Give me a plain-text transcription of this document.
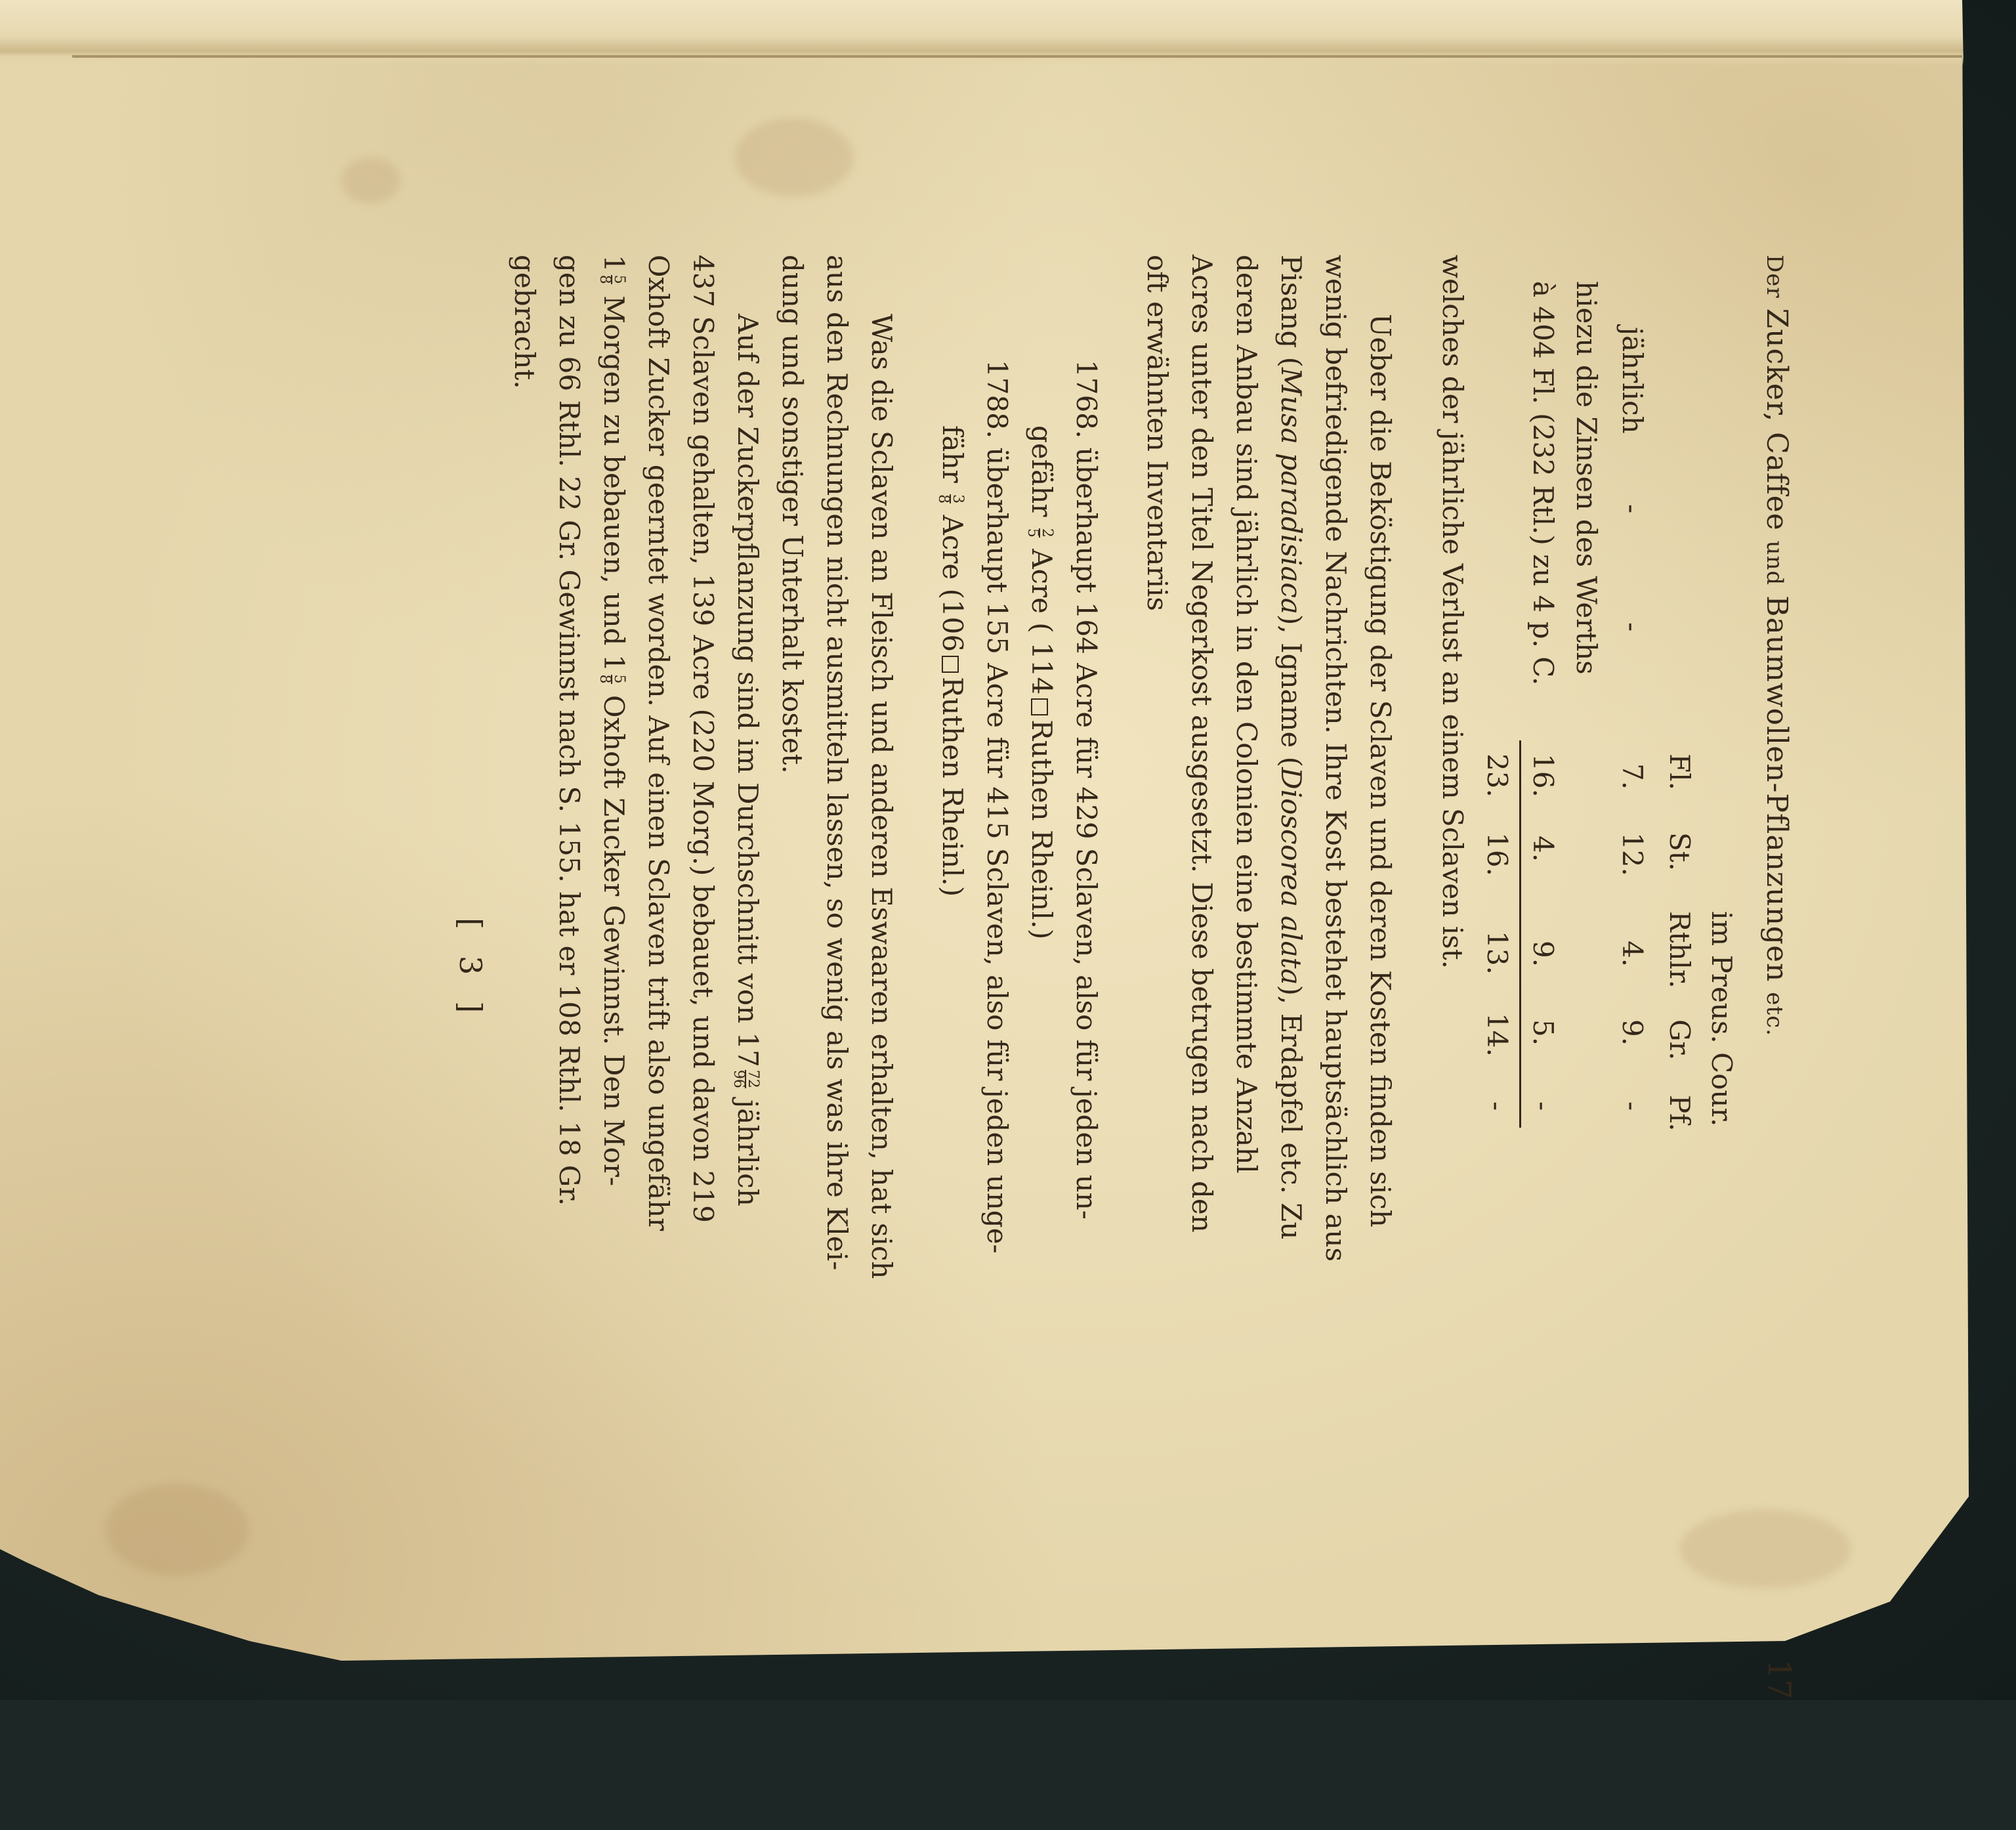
Der Zucker, Caffee und Baumwollen-Pflanzungen etc.
17
im Preus. Cour.
Fl.
St.
Rthlr.
Gr.
Pf.
jährlich
-
-
7.
12.
4.
9.
-
hiezu die Zinsen des Werths
à 404 Fl. (232 Rtl.) zu 4 p. C.
16.
4.
9.
5.
-
23.
16.
13.
14.
-
welches der jährliche Verlust an einem Sclaven ist.
Ueber die Beköstigung der Sclaven und deren Kosten finden sich
wenig befriedigende Nachrichten. Ihre Kost bestehet hauptsächlich aus
Pisang (Musa paradisiaca), Igname (Dioscorea alata), Erdapfel etc. Zu
deren Anbau sind jährlich in den Colonien eine bestimmte Anzahl
Acres unter den Titel Negerkost ausgesetzt. Diese betrugen nach den
oft erwähnten Inventariis
1768. überhaupt 164 Acre für 429 Sclaven, also für jeden un-
gefähr
2
5
Acre ( 114Ruthen Rheinl.)
1788. überhaupt 155 Acre für 415 Sclaven, also für jeden unge-
fähr
3
8
Acre (106Ruthen Rheinl.)
Was die Sclaven an Fleisch und anderen Eswaaren erhalten, hat sich
aus den Rechnungen nicht ausmitteln lassen, so wenig als was ihre Klei-
dung und sonstiger Unterhalt kostet.
Auf der Zuckerpflanzung sind im Durchschnitt von 17
72
96
jährlich
437 Sclaven gehalten, 139 Acre (220 Morg.) bebauet, und davon 219
Oxhoft Zucker geerntet worden. Auf einen Sclaven trift also ungefähr
1
5
8
Morgen zu bebauen, und 1
5
8
Oxhoft Zucker Gewinnst. Den Mor-
gen zu 66 Rthl. 22 Gr. Gewinnst nach S. 155. hat er 108 Rthl. 18 Gr.
gebracht.
[3]
